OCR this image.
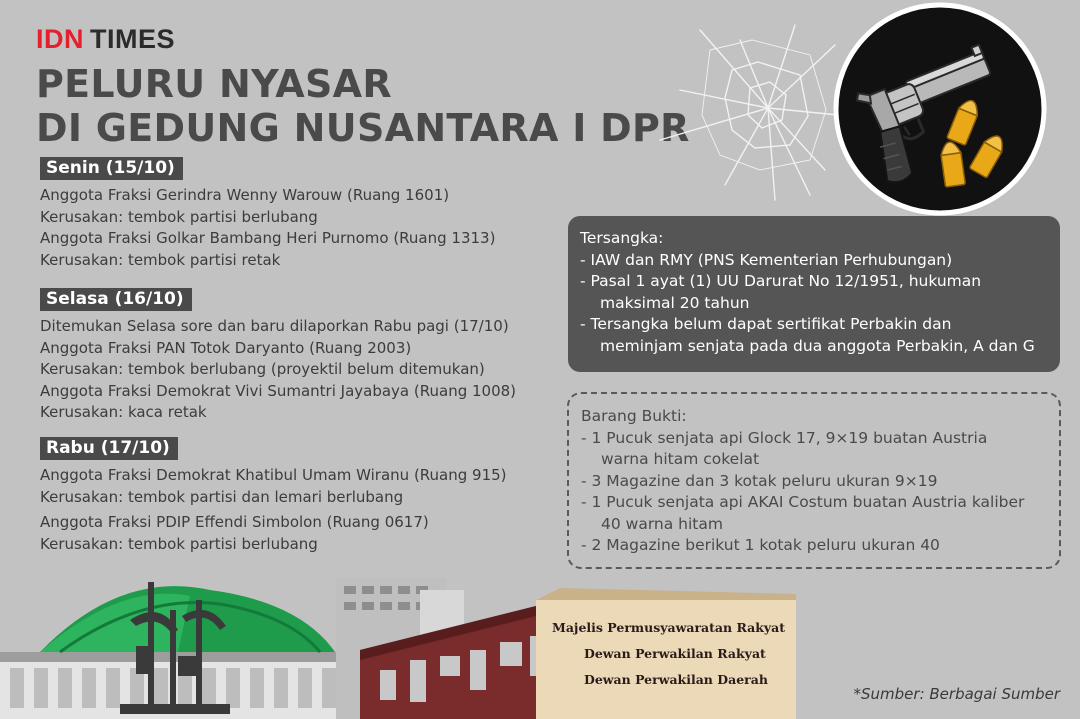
IDN TIMES
PELURU NYASAR
DI GEDUNG NUSANTARA I DPR
Senin (15/10)
Anggota Fraksi Gerindra Wenny Warouw (Ruang 1601)
Kerusakan: tembok partisi berlubang
Anggota Fraksi Golkar Bambang Heri Purnomo (Ruang 1313)
Kerusakan: tembok partisi retak
Selasa (16/10)
Ditemukan Selasa sore dan baru dilaporkan Rabu pagi (17/10)
Anggota Fraksi PAN Totok Daryanto (Ruang 2003)
Kerusakan: tembok berlubang (proyektil belum ditemukan)
Anggota Fraksi Demokrat Vivi Sumantri Jayabaya (Ruang 1008)
Kerusakan: kaca retak
Rabu (17/10)
Anggota Fraksi Demokrat Khatibul Umam Wiranu (Ruang 915)
Kerusakan: tembok partisi dan lemari berlubang
Anggota Fraksi PDIP Effendi Simbolon (Ruang 0617)
Kerusakan: tembok partisi berlubang
Tersangka:
- IAW dan RMY (PNS Kementerian Perhubungan)
- Pasal 1 ayat (1) UU Darurat No 12/1951, hukuman
maksimal 20 tahun
- Tersangka belum dapat sertifikat Perbakin dan
meminjam senjata pada dua anggota Perbakin, A dan G
Barang Bukti:
- 1 Pucuk senjata api Glock 17, 9×19 buatan Austria
warna hitam cokelat
- 3 Magazine dan 3 kotak peluru ukuran 9×19
- 1 Pucuk senjata api AKAI Costum buatan Austria kaliber
40 warna hitam
- 2 Magazine berikut 1 kotak peluru ukuran 40
Majelis Permusyawaratan Rakyat
Dewan Perwakilan Rakyat
Dewan Perwakilan Daerah
*Sumber: Berbagai Sumber
